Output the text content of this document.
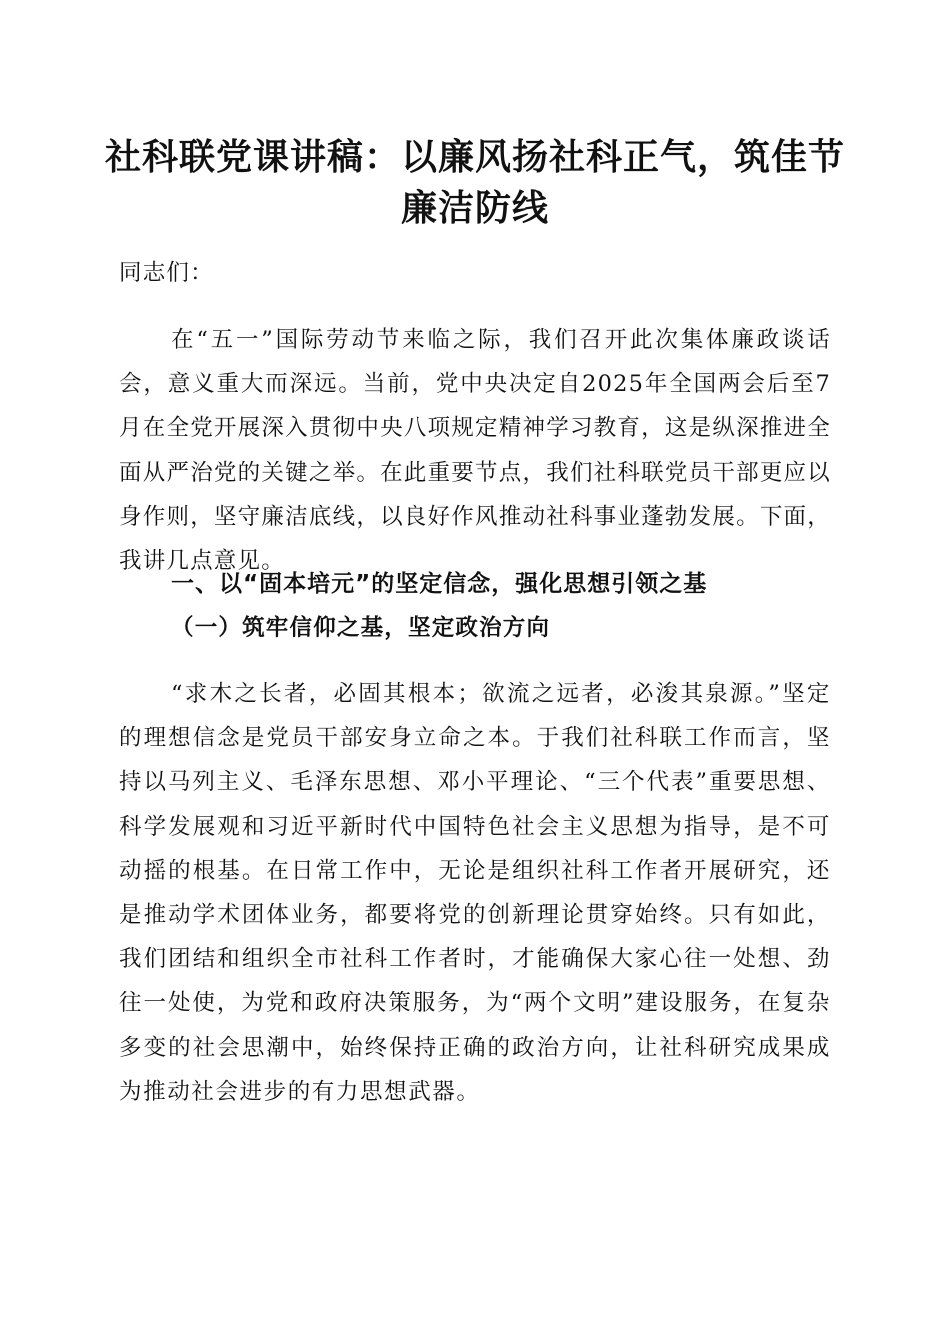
社科联党课讲稿：以廉风扬社科正气，筑佳节
廉洁防线

同志们：

在“五一”国际劳动节来临之际，我们召开此次集体廉政谈话会，意义重大而深远。当前，党中央决定自2025年全国两会后至7月在全党开展深入贯彻中央八项规定精神学习教育，这是纵深推进全面从严治党的关键之举。在此重要节点，我们社科联党员干部更应以身作则，坚守廉洁底线，以良好作风推动社科事业蓬勃发展。下面，我讲几点意见。

一、以“固本培元”的坚定信念，强化思想引领之基
（一）筑牢信仰之基，坚定政治方向

“求木之长者，必固其根本；欲流之远者，必浚其泉源。”坚定的理想信念是党员干部安身立命之本。于我们社科联工作而言，坚持以马列主义、毛泽东思想、邓小平理论、“三个代表”重要思想、科学发展观和习近平新时代中国特色社会主义思想为指导，是不可动摇的根基。在日常工作中，无论是组织社科工作者开展研究，还是推动学术团体业务，都要将党的创新理论贯穿始终。只有如此，我们团结和组织全市社科工作者时，才能确保大家心往一处想、劲往一处使，为党和政府决策服务，为“两个文明”建设服务，在复杂多变的社会思潮中，始终保持正确的政治方向，让社科研究成果成为推动社会进步的有力思想武器。
